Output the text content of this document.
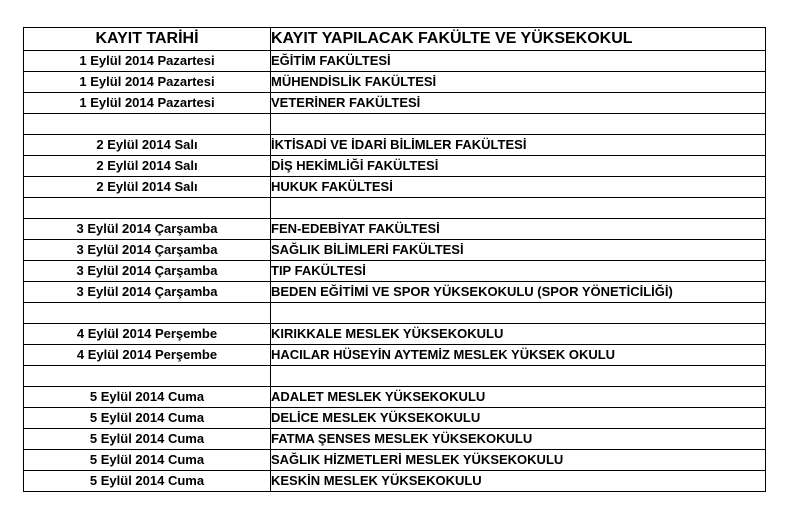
KAYIT TARİHİ	KAYIT YAPILACAK FAKÜLTE VE YÜKSEKOKUL
1 Eylül 2014 Pazartesi	EĞİTİM FAKÜLTESİ
1 Eylül 2014 Pazartesi	MÜHENDİSLİK FAKÜLTESİ
1 Eylül 2014 Pazartesi	VETERİNER FAKÜLTESİ

2 Eylül 2014 Salı	İKTİSADİ VE İDARİ BİLİMLER FAKÜLTESİ
2 Eylül 2014 Salı	DİŞ HEKİMLİĞİ FAKÜLTESİ
2 Eylül 2014 Salı	HUKUK FAKÜLTESİ

3 Eylül 2014 Çarşamba	FEN-EDEBİYAT FAKÜLTESİ
3 Eylül 2014 Çarşamba	SAĞLIK BİLİMLERİ FAKÜLTESİ
3 Eylül 2014 Çarşamba	TIP FAKÜLTESİ
3 Eylül 2014 Çarşamba	BEDEN EĞİTİMİ VE SPOR YÜKSEKOKULU (SPOR YÖNETİCİLİĞİ)

4 Eylül 2014 Perşembe	KIRIKKALE MESLEK YÜKSEKOKULU
4 Eylül 2014 Perşembe	HACILAR HÜSEYİN AYTEMİZ MESLEK YÜKSEK OKULU

5 Eylül 2014 Cuma	ADALET MESLEK YÜKSEKOKULU
5 Eylül 2014 Cuma	DELİCE MESLEK YÜKSEKOKULU
5 Eylül 2014 Cuma	FATMA ŞENSES MESLEK YÜKSEKOKULU
5 Eylül 2014 Cuma	SAĞLIK HİZMETLERİ MESLEK YÜKSEKOKULU
5 Eylül 2014 Cuma	KESKİN MESLEK YÜKSEKOKULU
